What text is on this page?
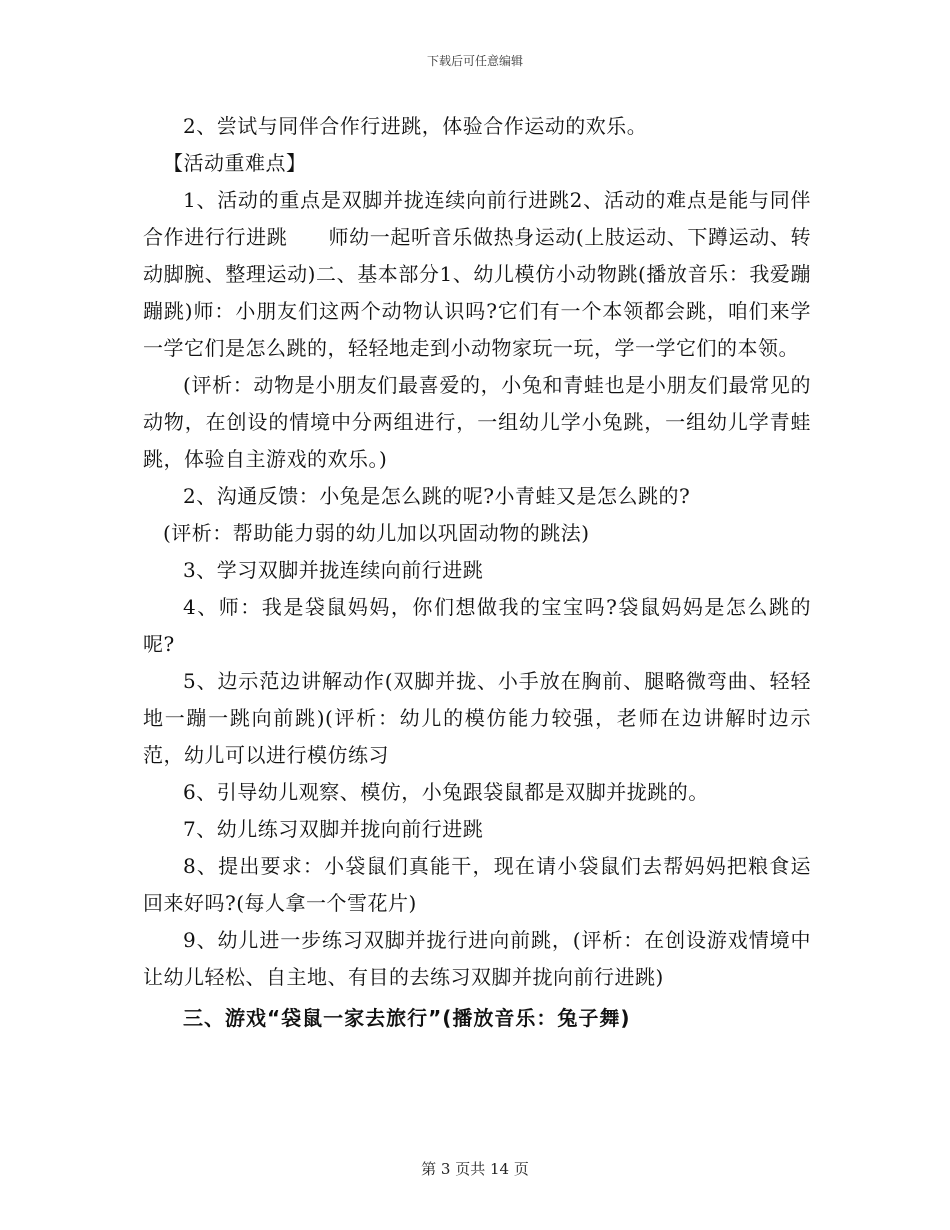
下载后可任意编辑

2、尝试与同伴合作行进跳，体验合作运动的欢乐。

【活动重难点】

1、活动的重点是双脚并拢连续向前行进跳2、活动的难点是能与同伴合作进行行进跳　　师幼一起听音乐做热身运动(上肢运动、下蹲运动、转动脚腕、整理运动)二、基本部分1、幼儿模仿小动物跳(播放音乐：我爱蹦蹦跳)师：小朋友们这两个动物认识吗?它们有一个本领都会跳，咱们来学一学它们是怎么跳的，轻轻地走到小动物家玩一玩，学一学它们的本领。

(评析：动物是小朋友们最喜爱的，小兔和青蛙也是小朋友们最常见的动物，在创设的情境中分两组进行，一组幼儿学小兔跳，一组幼儿学青蛙跳，体验自主游戏的欢乐。)

2、沟通反馈：小兔是怎么跳的呢?小青蛙又是怎么跳的?

(评析：帮助能力弱的幼儿加以巩固动物的跳法)

3、学习双脚并拢连续向前行进跳

4、师：我是袋鼠妈妈，你们想做我的宝宝吗?袋鼠妈妈是怎么跳的呢?

5、边示范边讲解动作(双脚并拢、小手放在胸前、腿略微弯曲、轻轻地一蹦一跳向前跳)(评析：幼儿的模仿能力较强，老师在边讲解时边示范，幼儿可以进行模仿练习

6、引导幼儿观察、模仿，小兔跟袋鼠都是双脚并拢跳的。

7、幼儿练习双脚并拢向前行进跳

8、提出要求：小袋鼠们真能干，现在请小袋鼠们去帮妈妈把粮食运回来好吗?(每人拿一个雪花片)

9、幼儿进一步练习双脚并拢行进向前跳，(评析：在创设游戏情境中让幼儿轻松、自主地、有目的去练习双脚并拢向前行进跳)

三、游戏“袋鼠一家去旅行”(播放音乐：兔子舞)

第 3 页共 14 页
